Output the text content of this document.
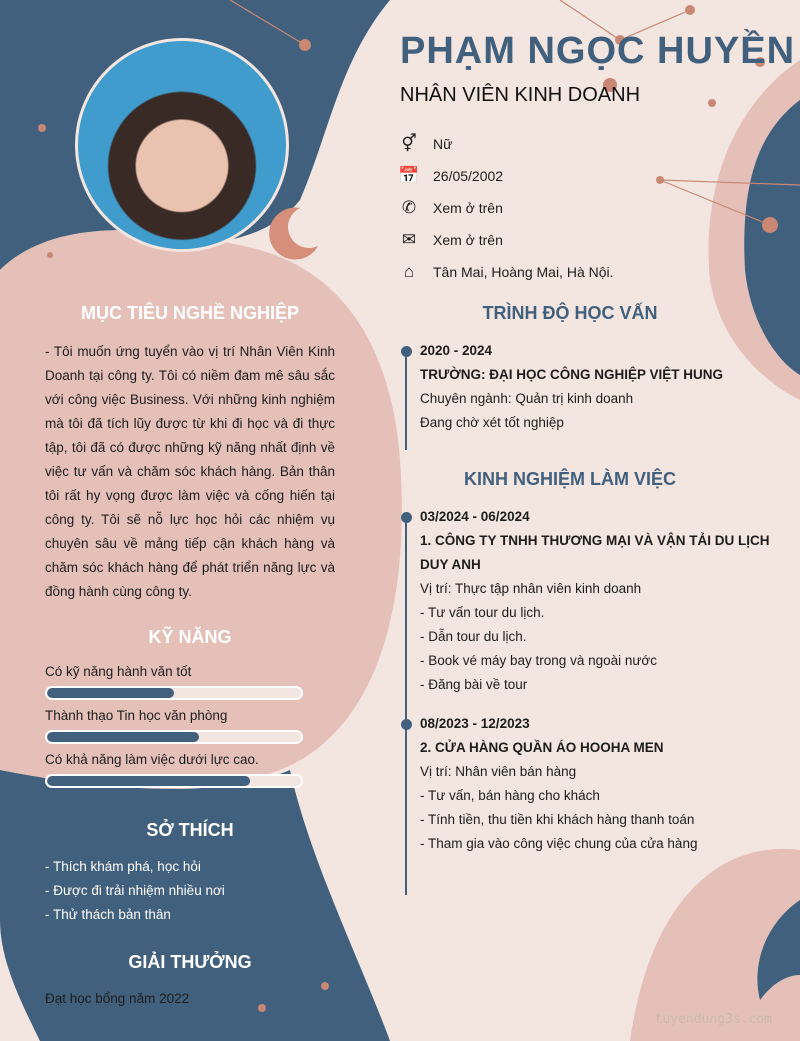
PHẠM NGỌC HUYỀN
NHÂN VIÊN KINH DOANH
⚥ Nữ
📅 26/05/2002
✆ Xem ở trên
✉ Xem ở trên
⌂	Tân Mai, Hoàng Mai, Hà Nội.
MỤC TIÊU NGHỀ NGHIỆP
- Tôi muốn ứng tuyển vào vị trí Nhân Viên Kinh Doanh tại công ty. Tôi có niềm đam mê sâu sắc với công việc Business. Với những kinh nghiệm mà tôi đã tích lũy được từ khi đi học và đi thực tập, tôi đã có được những kỹ năng nhất định về việc tư vấn và chăm sóc khách hàng. Bản thân tôi rất hy vọng được làm việc và cống hiến tại công ty. Tôi sẽ nỗ lực học hỏi các nhiệm vụ chuyên sâu về mảng tiếp cận khách hàng và chăm sóc khách hàng để phát triển năng lực và đồng hành cùng công ty.
KỸ NĂNG
Có kỹ năng hành văn tốt
Thành thạo Tin học văn phòng
Có khả năng làm việc dưới lực cao.
SỞ THÍCH
- Thích khám phá, học hỏi
- Được đi trải nhiệm nhiều nơi
- Thử thách bản thân
GIẢI THƯỞNG
Đạt học bổng năm 2022
TRÌNH ĐỘ HỌC VẤN
2020 - 2024
TRƯỜNG: ĐẠI HỌC CÔNG NGHIỆP VIỆT HUNG
Chuyên ngành: Quản trị kinh doanh
Đang chờ xét tốt nghiệp
KINH NGHIỆM LÀM VIỆC
03/2024 - 06/2024
1. CÔNG TY TNHH THƯƠNG MẠI VÀ VẬN TẢI DU LỊCH DUY ANH
Vị trí: Thực tập nhân viên kinh doanh
- Tư vấn tour du lịch.
- Dẫn tour du lịch.
- Book vé máy bay trong và ngoài nước
- Đăng bài về tour
08/2023 - 12/2023
2. CỬA HÀNG QUẦN ÁO HOOHA MEN
Vị trí: Nhân viên bán hàng
- Tư vấn, bán hàng cho khách
- Tính tiền, thu tiền khi khách hàng thanh toán
- Tham gia vào công việc chung của cửa hàng
tuyendung3s.com
